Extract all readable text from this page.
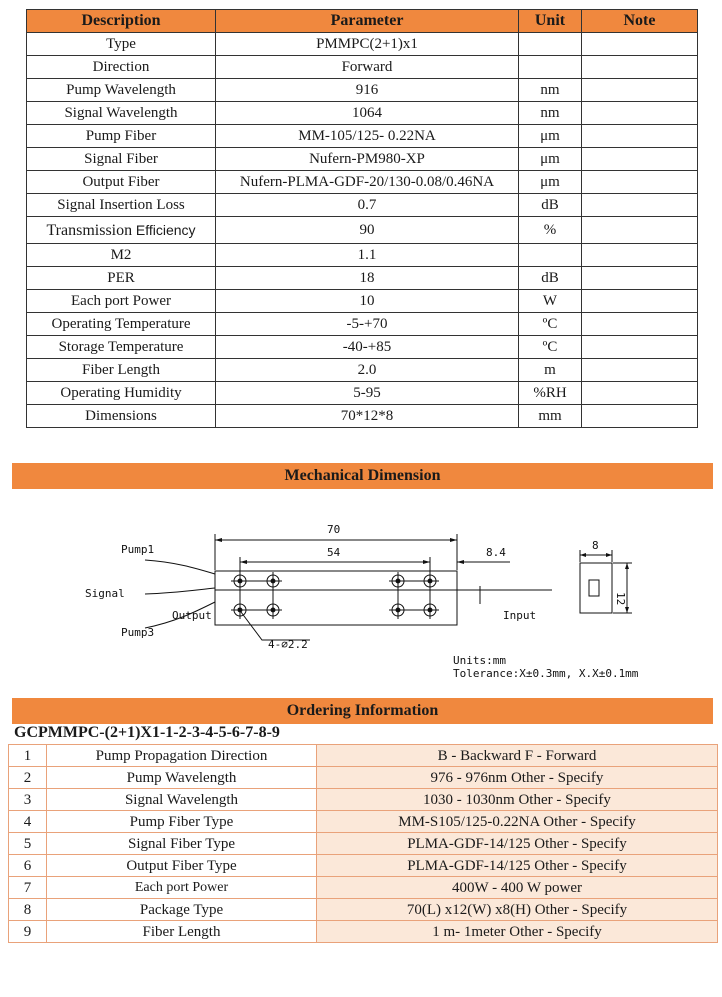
Description	Parameter	Unit	Note
Type	PMMPC(2+1)x1		
Direction	Forward		
Pump Wavelength	916	nm	
Signal Wavelength	1064	nm	
Pump Fiber	MM-105/125- 0.22NA	μm	
Signal Fiber	Nufern-PM980-XP	μm	
Output Fiber	Nufern-PLMA-GDF-20/130-0.08/0.46NA	μm	
Signal Insertion Loss	0.7	dB	
Transmission Efficiency	90	%	
M2	1.1		
PER	18	dB	
Each port Power	10	W	
Operating Temperature	-5-+70	ºC	
Storage Temperature	-40-+85	ºC	
Fiber Length	2.0	m	
Operating Humidity	5-95	%RH	
Dimensions	70*12*8	mm	
Mechanical Dimension
Pump1
Signal
Pump3
Output	Input
70
54	8.4
4-⌀2.2
8
12
Units:mm
Tolerance:X±0.3mm, X.X±0.1mm
Ordering Information
GCPMMPC-(2+1)X1-1-2-3-4-5-6-7-8-9
1	Pump Propagation Direction	B - Backward F - Forward
2	Pump Wavelength	976 - 976nm Other - Specify
3	Signal Wavelength	1030 - 1030nm Other - Specify
4	Pump Fiber Type	MM-S105/125-0.22NA Other - Specify
5	Signal Fiber Type	PLMA-GDF-14/125 Other - Specify
6	Output Fiber Type	PLMA-GDF-14/125 Other - Specify
7	Each port Power	400W - 400 W power
8	Package Type	70(L) x12(W) x8(H) Other - Specify
9	Fiber Length	1 m- 1meter Other - Specify
